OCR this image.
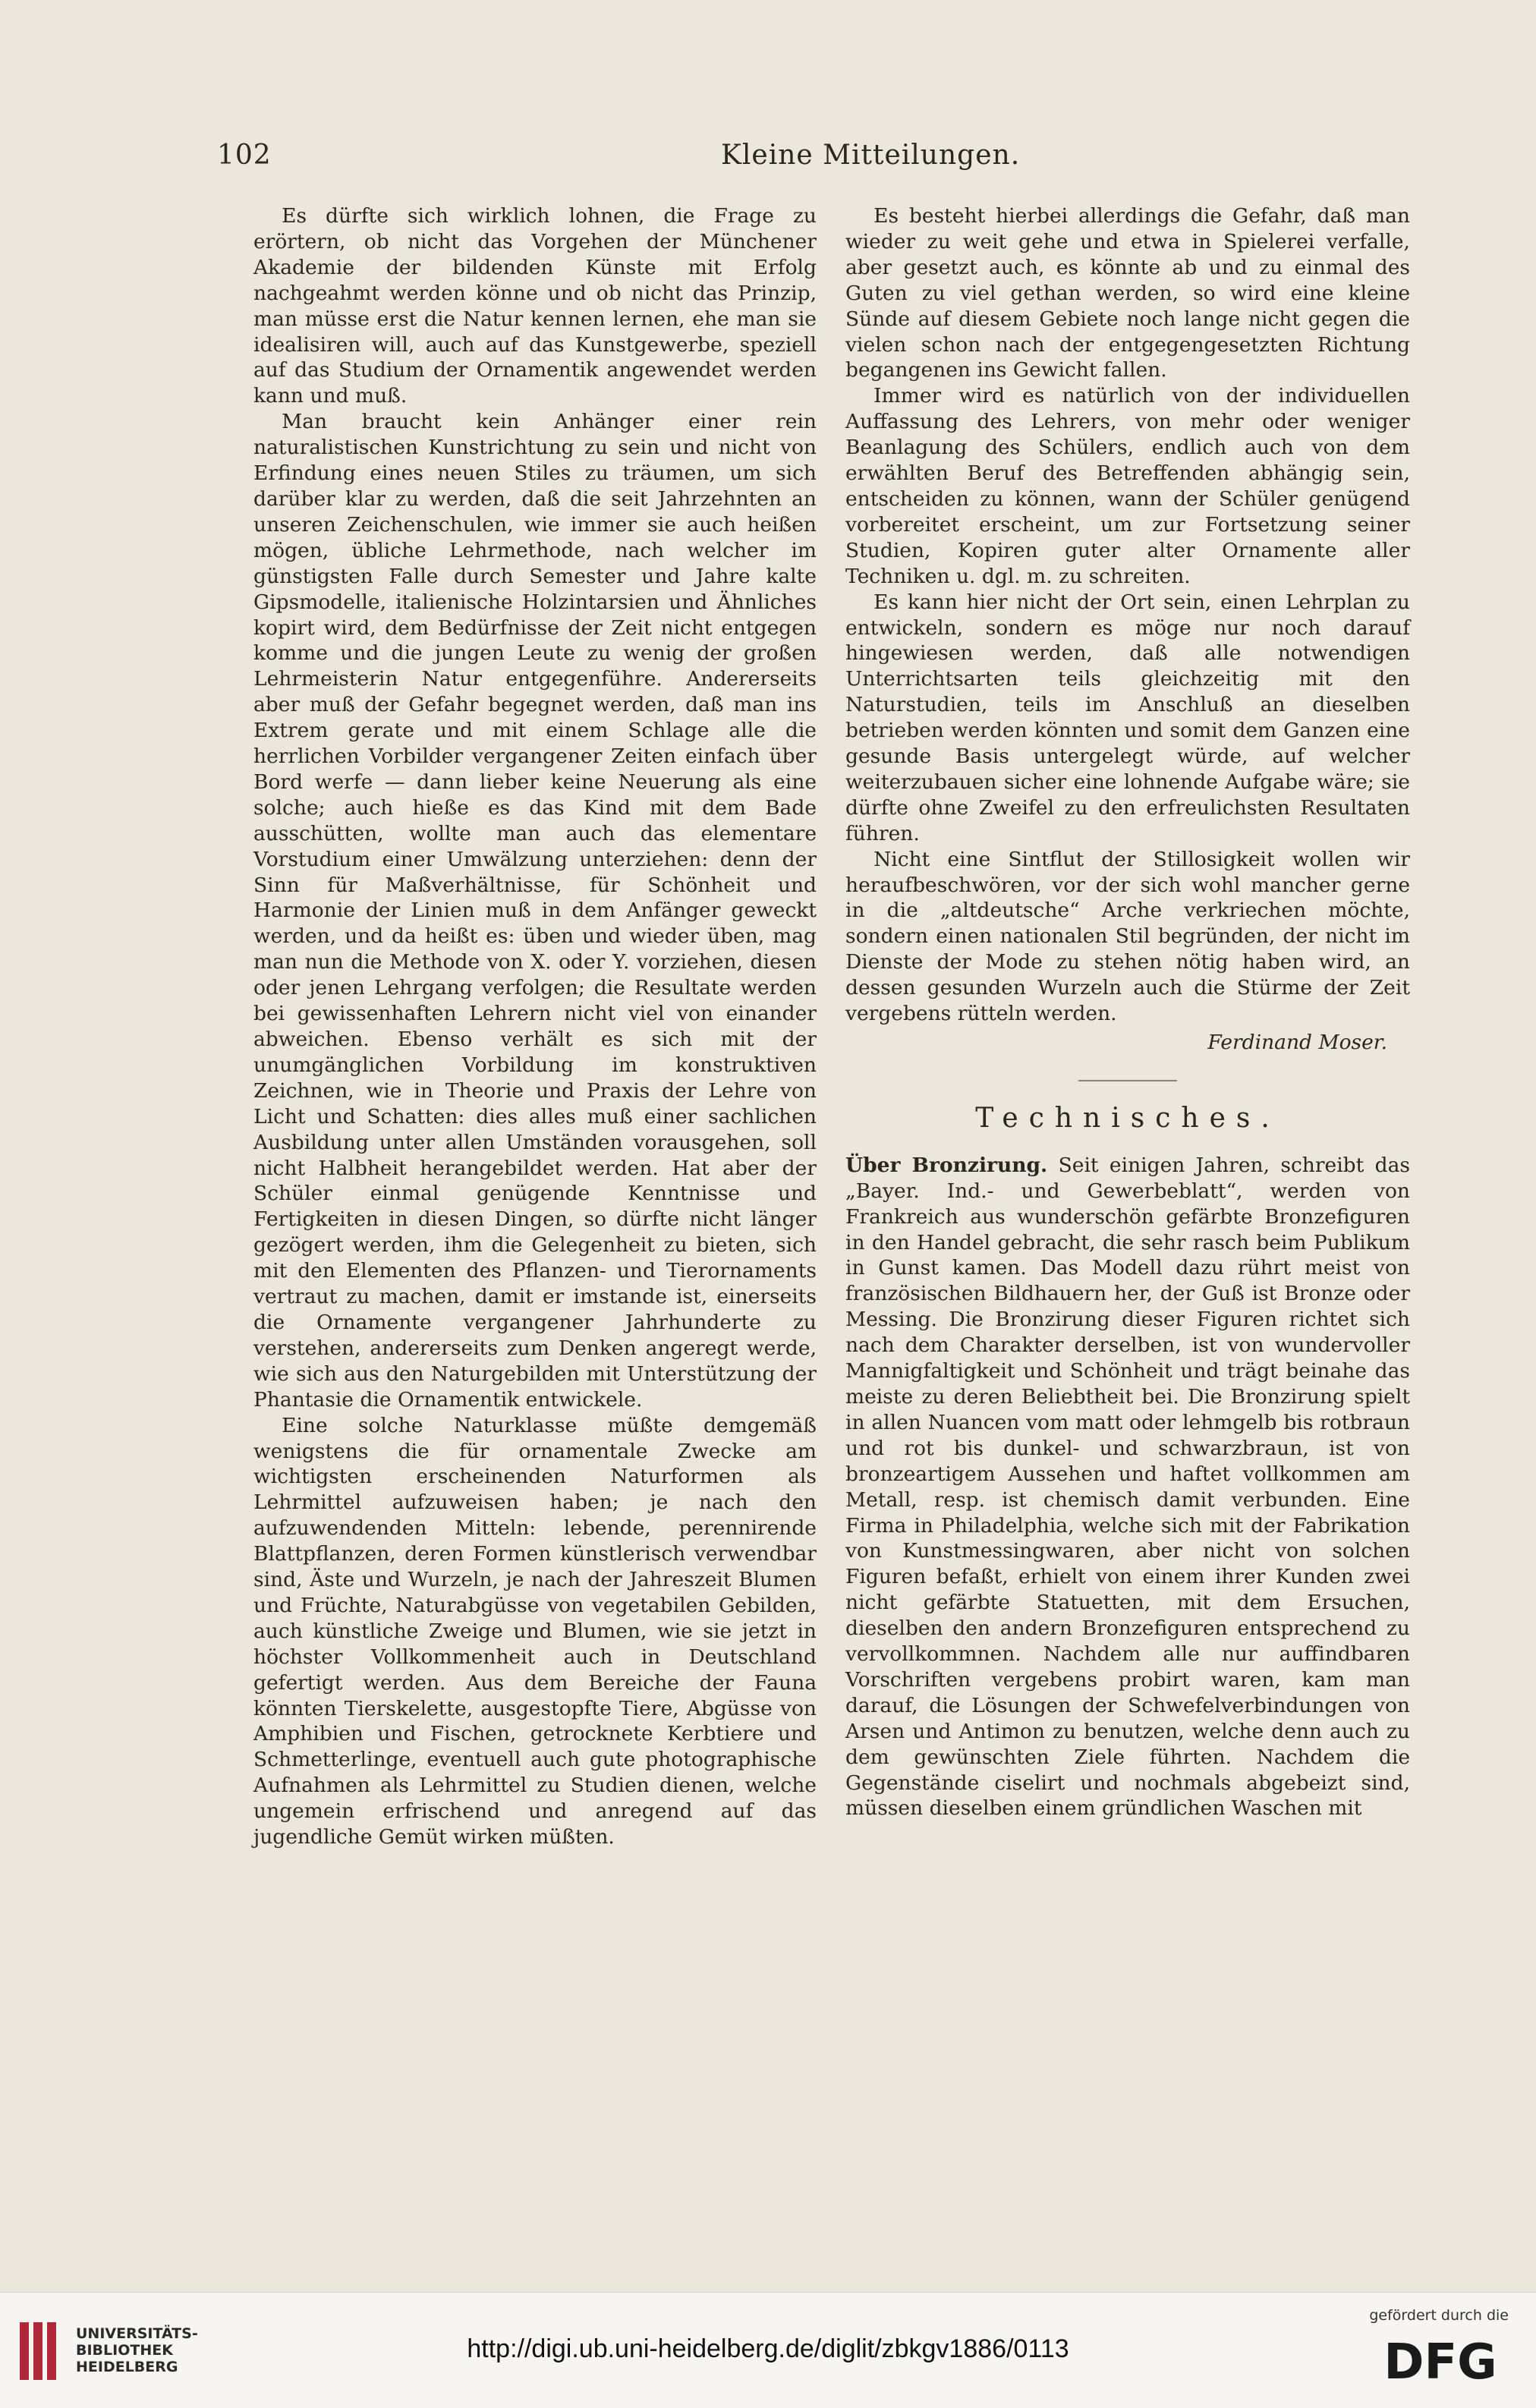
102	Kleine Mitteilungen.

Es dürfte sich wirklich lohnen, die Frage zu erörtern, ob nicht das Vorgehen der Münchener Akademie der bildenden Künste mit Erfolg nachgeahmt werden könne und ob nicht das Prinzip, man müsse erst die Natur kennen lernen, ehe man sie idealisiren will, auch auf das Kunstgewerbe, speziell auf das Studium der Ornamentik angewendet werden kann und muß.

Man braucht kein Anhänger einer rein naturalistischen Kunstrichtung zu sein und nicht von Erfindung eines neuen Stiles zu träumen, um sich darüber klar zu werden, daß die seit Jahrzehnten an unseren Zeichenschulen, wie immer sie auch heißen mögen, übliche Lehrmethode, nach welcher im günstigsten Falle durch Semester und Jahre kalte Gipsmodelle, italienische Holzintarsien und Ähnliches kopirt wird, dem Bedürfnisse der Zeit nicht entgegen komme und die jungen Leute zu wenig der großen Lehrmeisterin Natur entgegenführe. Andererseits aber muß der Gefahr begegnet werden, daß man ins Extrem gerate und mit einem Schlage alle die herrlichen Vorbilder vergangener Zeiten einfach über Bord werfe — dann lieber keine Neuerung als eine solche; auch hieße es das Kind mit dem Bade ausschütten, wollte man auch das elementare Vorstudium einer Umwälzung unterziehen: denn der Sinn für Maßverhältnisse, für Schönheit und Harmonie der Linien muß in dem Anfänger geweckt werden, und da heißt es: üben und wieder üben, mag man nun die Methode von X. oder Y. vorziehen, diesen oder jenen Lehrgang verfolgen; die Resultate werden bei gewissenhaften Lehrern nicht viel von einander abweichen. Ebenso verhält es sich mit der unumgänglichen Vorbildung im konstruktiven Zeichnen, wie in Theorie und Praxis der Lehre von Licht und Schatten: dies alles muß einer sachlichen Ausbildung unter allen Umständen vorausgehen, soll nicht Halbheit herangebildet werden. Hat aber der Schüler einmal genügende Kenntnisse und Fertigkeiten in diesen Dingen, so dürfte nicht länger gezögert werden, ihm die Gelegenheit zu bieten, sich mit den Elementen des Pflanzen- und Tierornaments vertraut zu machen, damit er imstande ist, einerseits die Ornamente vergangener Jahrhunderte zu verstehen, andererseits zum Denken angeregt werde, wie sich aus den Naturgebilden mit Unterstützung der Phantasie die Ornamentik entwickele.

Eine solche Naturklasse müßte demgemäß wenigstens die für ornamentale Zwecke am wichtigsten erscheinenden Naturformen als Lehrmittel aufzuweisen haben; je nach den aufzuwendenden Mitteln: lebende, perennirende Blattpflanzen, deren Formen künstlerisch verwendbar sind, Äste und Wurzeln, je nach der Jahreszeit Blumen und Früchte, Naturabgüsse von vegetabilen Gebilden, auch künstliche Zweige und Blumen, wie sie jetzt in höchster Vollkommenheit auch in Deutschland gefertigt werden. Aus dem Bereiche der Fauna könnten Tierskelette, ausgestopfte Tiere, Abgüsse von Amphibien und Fischen, getrocknete Kerbtiere und Schmetterlinge, eventuell auch gute photographische Aufnahmen als Lehrmittel zu Studien dienen, welche ungemein erfrischend und anregend auf das jugendliche Gemüt wirken müßten.

Es besteht hierbei allerdings die Gefahr, daß man wieder zu weit gehe und etwa in Spielerei verfalle, aber gesetzt auch, es könnte ab und zu einmal des Guten zu viel gethan werden, so wird eine kleine Sünde auf diesem Gebiete noch lange nicht gegen die vielen schon nach der entgegengesetzten Richtung begangenen ins Gewicht fallen.

Immer wird es natürlich von der individuellen Auffassung des Lehrers, von mehr oder weniger Beanlagung des Schülers, endlich auch von dem erwählten Beruf des Betreffenden abhängig sein, entscheiden zu können, wann der Schüler genügend vorbereitet erscheint, um zur Fortsetzung seiner Studien, Kopiren guter alter Ornamente aller Techniken u. dgl. m. zu schreiten.

Es kann hier nicht der Ort sein, einen Lehrplan zu entwickeln, sondern es möge nur noch darauf hingewiesen werden, daß alle notwendigen Unterrichtsarten teils gleichzeitig mit den Naturstudien, teils im Anschluß an dieselben betrieben werden könnten und somit dem Ganzen eine gesunde Basis untergelegt würde, auf welcher weiterzubauen sicher eine lohnende Aufgabe wäre; sie dürfte ohne Zweifel zu den erfreulichsten Resultaten führen.

Nicht eine Sintflut der Stillosigkeit wollen wir heraufbeschwören, vor der sich wohl mancher gerne in die „altdeutsche“ Arche verkriechen möchte, sondern einen nationalen Stil begründen, der nicht im Dienste der Mode zu stehen nötig haben wird, an dessen gesunden Wurzeln auch die Stürme der Zeit vergebens rütteln werden.

Ferdinand Moser.
Technisches.

Über Bronzirung. Seit einigen Jahren, schreibt das „Bayer. Ind.- und Gewerbeblatt“, werden von Frankreich aus wunderschön gefärbte Bronzefiguren in den Handel gebracht, die sehr rasch beim Publikum in Gunst kamen. Das Modell dazu rührt meist von französischen Bildhauern her, der Guß ist Bronze oder Messing. Die Bronzirung dieser Figuren richtet sich nach dem Charakter derselben, ist von wundervoller Mannigfaltigkeit und Schönheit und trägt beinahe das meiste zu deren Beliebtheit bei. Die Bronzirung spielt in allen Nuancen vom matt oder lehmgelb bis rotbraun und rot bis dunkel- und schwarzbraun, ist von bronzeartigem Aussehen und haftet vollkommen am Metall, resp. ist chemisch damit verbunden. Eine Firma in Philadelphia, welche sich mit der Fabrikation von Kunstmessingwaren, aber nicht von solchen Figuren befaßt, erhielt von einem ihrer Kunden zwei nicht gefärbte Statuetten, mit dem Ersuchen, dieselben den andern Bronzefiguren entsprechend zu vervollkommnen. Nachdem alle nur auffindbaren Vorschriften vergebens probirt waren, kam man darauf, die Lösungen der Schwefelverbindungen von Arsen und Antimon zu benutzen, welche denn auch zu dem gewünschten Ziele führten. Nachdem die Gegenstände ciselirt und nochmals abgebeizt sind, müssen dieselben einem gründlichen Waschen mit

UNIVERSITÄTS-
BIBLIOTHEK
HEIDELBERG
http://digi.ub.uni-heidelberg.de/diglit/zbkgv1886/0113
gefördert durch die
DFG
